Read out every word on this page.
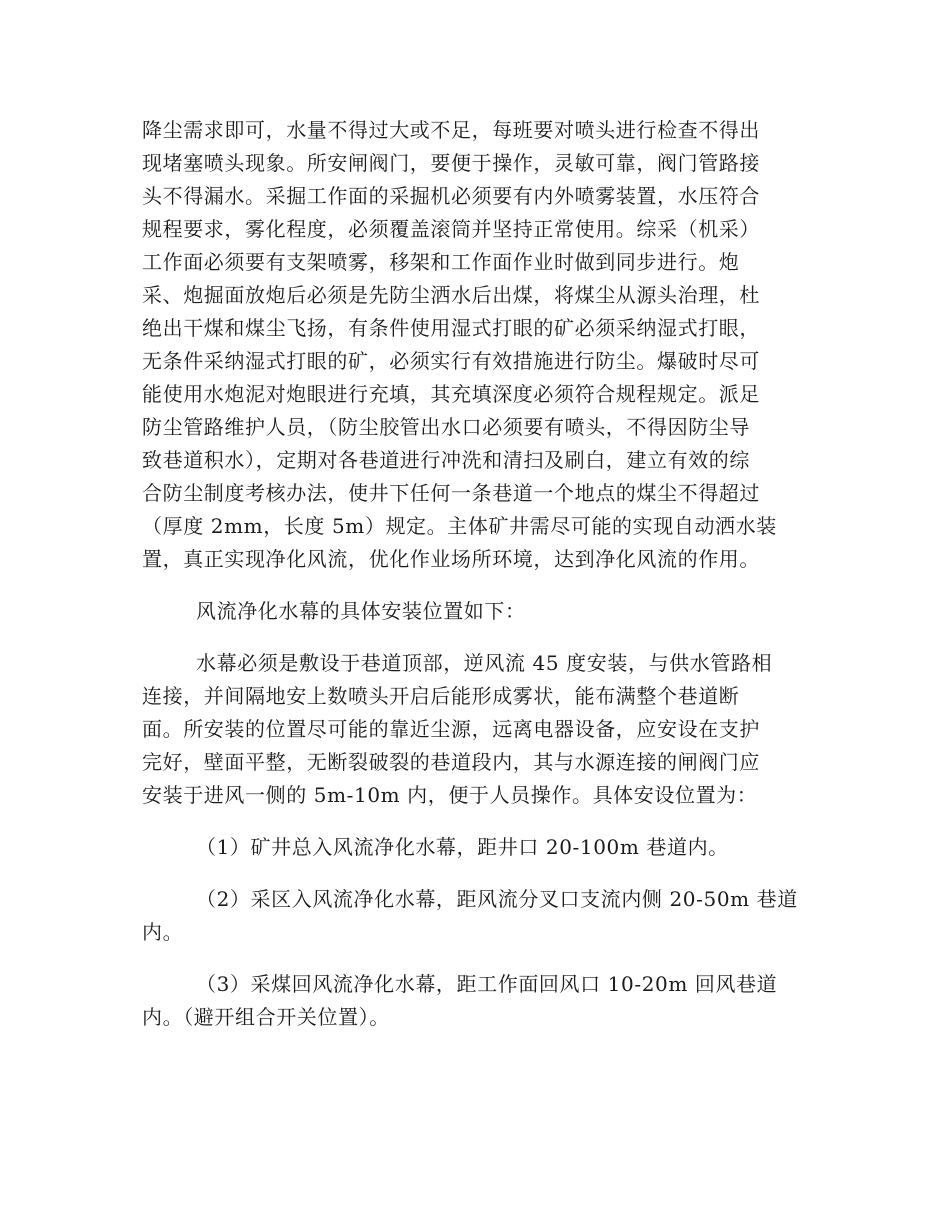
降尘需求即可，水量不得过大或不足，每班要对喷头进行检查不得出
现堵塞喷头现象。所安闸阀门，要便于操作，灵敏可靠，阀门管路接
头不得漏水。采掘工作面的采掘机必须要有内外喷雾装置，水压符合
规程要求，雾化程度，必须覆盖滚筒并坚持正常使用。综采（机采）
工作面必须要有支架喷雾，移架和工作面作业时做到同步进行。炮
采、炮掘面放炮后必须是先防尘洒水后出煤，将煤尘从源头治理，杜
绝出干煤和煤尘飞扬，有条件使用湿式打眼的矿必须采纳湿式打眼，
无条件采纳湿式打眼的矿，必须实行有效措施进行防尘。爆破时尽可
能使用水炮泥对炮眼进行充填，其充填深度必须符合规程规定。派足
防尘管路维护人员，（防尘胶管出水口必须要有喷头，不得因防尘导
致巷道积水），定期对各巷道进行冲洗和清扫及刷白，建立有效的综
合防尘制度考核办法，使井下任何一条巷道一个地点的煤尘不得超过
（厚度 2mm，长度 5m）规定。主体矿井需尽可能的实现自动洒水装
置，真正实现净化风流，优化作业场所环境，达到净化风流的作用。
风流净化水幕的具体安装位置如下：
水幕必须是敷设于巷道顶部，逆风流 45 度安装，与供水管路相
连接，并间隔地安上数喷头开启后能形成雾状，能布满整个巷道断
面。所安装的位置尽可能的靠近尘源，远离电器设备，应安设在支护
完好，壁面平整，无断裂破裂的巷道段内，其与水源连接的闸阀门应
安装于进风一侧的 5m-10m 内，便于人员操作。具体安设位置为：
（1）矿井总入风流净化水幕，距井口 20-100m 巷道内。
（2）采区入风流净化水幕，距风流分叉口支流内侧 20-50m 巷道
内。
（3）采煤回风流净化水幕，距工作面回风口 10-20m 回风巷道
内。（避开组合开关位置）。
